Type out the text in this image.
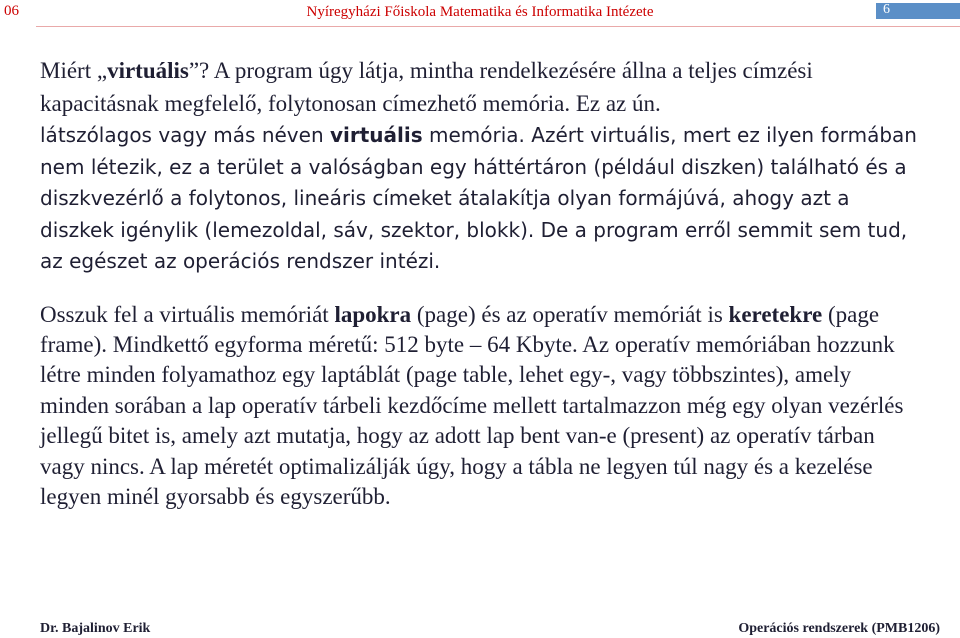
06	Nyíregyházi Főiskola Matematika és Informatika Intézete	6

Miért „virtuális”? A program úgy látja, mintha rendelkezésére állna a teljes címzési kapacitásnak megfelelő, folytonosan címezhető memória. Ez az ún.
látszólagos vagy más néven virtuális memória. Azért virtuális, mert ez ilyen formában nem létezik, ez a terület a valóságban egy háttértáron (például diszken) található és a diszkvezérlő a folytonos, lineáris címeket átalakítja olyan formájúvá, ahogy azt a diszkek igénylik (lemezoldal, sáv, szektor, blokk). De a program erről semmit sem tud, az egészet az operációs rendszer intézi.

Osszuk fel a virtuális memóriát lapokra (page) és az operatív memóriát is keretekre (page frame). Mindkettő egyforma méretű: 512 byte – 64 Kbyte. Az operatív memóriában hozzunk létre minden folyamathoz egy laptáblát (page table, lehet egy-, vagy többszintes), amely minden sorában a lap operatív tárbeli kezdőcíme mellett tartalmazzon még egy olyan vezérlés jellegű bitet is, amely azt mutatja, hogy az adott lap bent van-e (present) az operatív tárban vagy nincs. A lap méretét optimalizálják úgy, hogy a tábla ne legyen túl nagy és a kezelése legyen minél gyorsabb és egyszerűbb.

Dr. Bajalinov Erik	Operációs rendszerek (PMB1206)
